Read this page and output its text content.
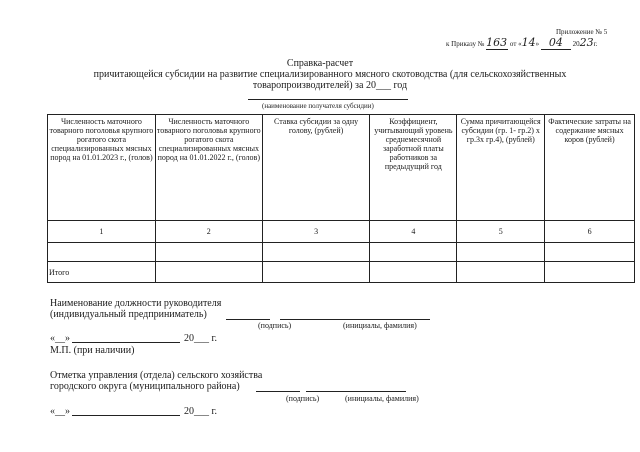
Приложение № 5
к Приказу № 163 от «14» 04 2023г.
Справка-расчет
причитающейся субсидии на развитие специализированного мясного скотоводства (для сельскохозяйственных
товаропроизводителей) за 20___ год
(наименование получателя субсидии)
Численность маточного товарного поголовья крупного рогатого скота специализированных мясных пород на 01.01.2023 г., (голов)	Численность маточного товарного поголовья крупного рогатого скота специализированных мясных пород на 01.01.2022 г., (голов)	Ставка субсидии за одну голову, (рублей)	Коэффициент, учитывающий уровень среднемесячной заработной платы работников за предыдущий год	Сумма причитающейся субсидии (гр. 1- гр.2) х гр.3х гр.4), (рублей)	Фактические затраты на содержание мясных коров (рублей)
1	2	3	4	5	6

Итого					
Наименование должности руководителя
(индивидуальный предприниматель)
(подпись)	(инициалы, фамилия)
«__»	20___ г.
М.П. (при наличии)
Отметка управления (отдела) сельского хозяйства
городского округа (муниципального района)
(подпись)	(инициалы, фамилия)
«__»	20___ г.
